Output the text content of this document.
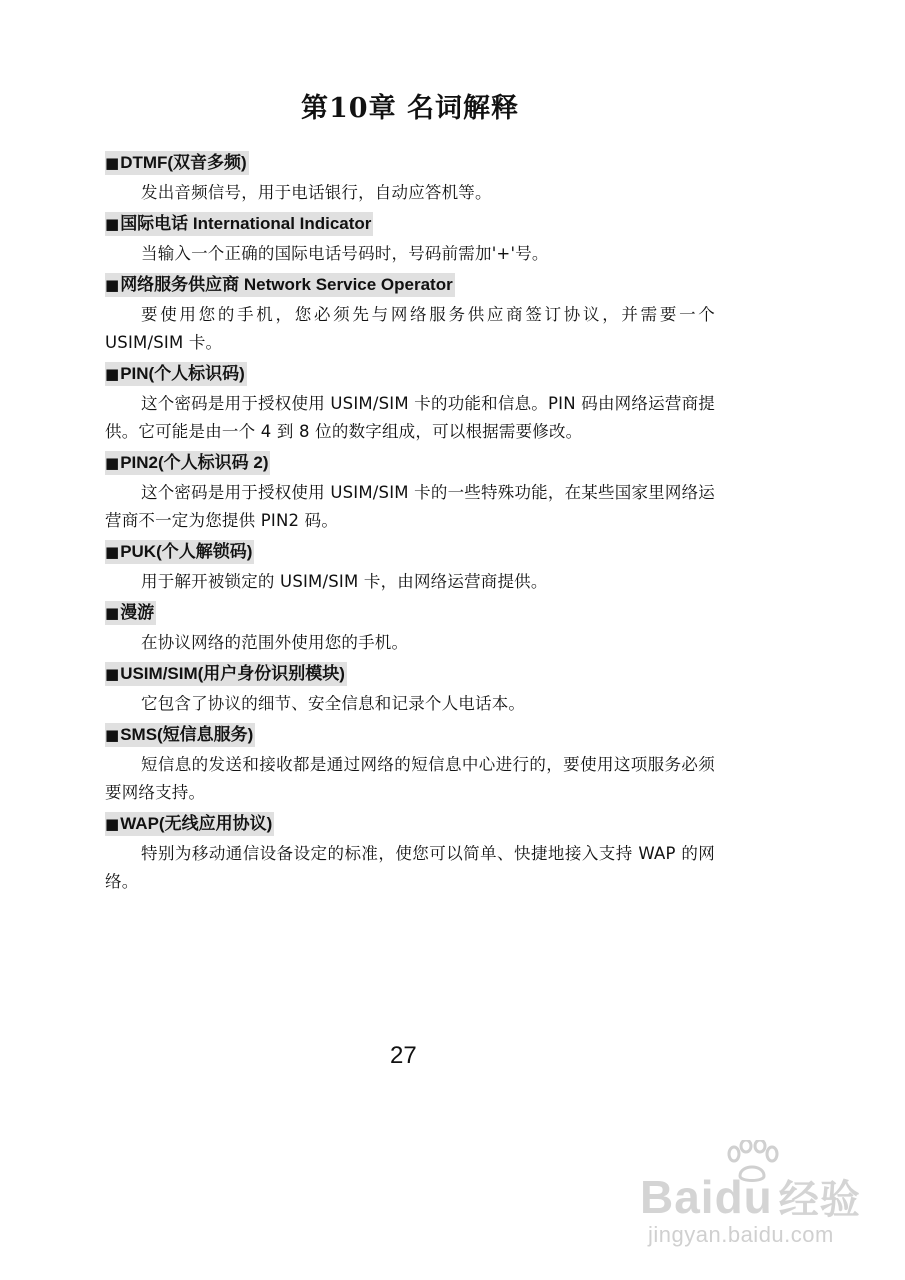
第10章 名词解释
■DTMF(双音多频)

发出音频信号，用于电话银行，自动应答机等。

■国际电话 International Indicator

当输入一个正确的国际电话号码时，号码前需加'+'号。

■网络服务供应商 Network Service Operator

要使用您的手机，您必须先与网络服务供应商签订协议，并需要一个 USIM/SIM 卡。

■PIN(个人标识码)

这个密码是用于授权使用 USIM/SIM 卡的功能和信息。PIN 码由网络运营商提供。它可能是由一个 4 到 8 位的数字组成，可以根据需要修改。

■PIN2(个人标识码 2)

这个密码是用于授权使用 USIM/SIM 卡的一些特殊功能，在某些国家里网络运营商不一定为您提供 PIN2 码。

■PUK(个人解锁码)

用于解开被锁定的 USIM/SIM 卡，由网络运营商提供。

■漫游

在协议网络的范围外使用您的手机。

■USIM/SIM(用户身份识别模块)

它包含了协议的细节、安全信息和记录个人电话本。

■SMS(短信息服务)

短信息的发送和接收都是通过网络的短信息中心进行的，要使用这项服务必须要网络支持。

■WAP(无线应用协议)

特别为移动通信设备设定的标准，使您可以简单、快捷地接入支持 WAP 的网络。

27
Baidu 经验
jingyan.baidu.com
